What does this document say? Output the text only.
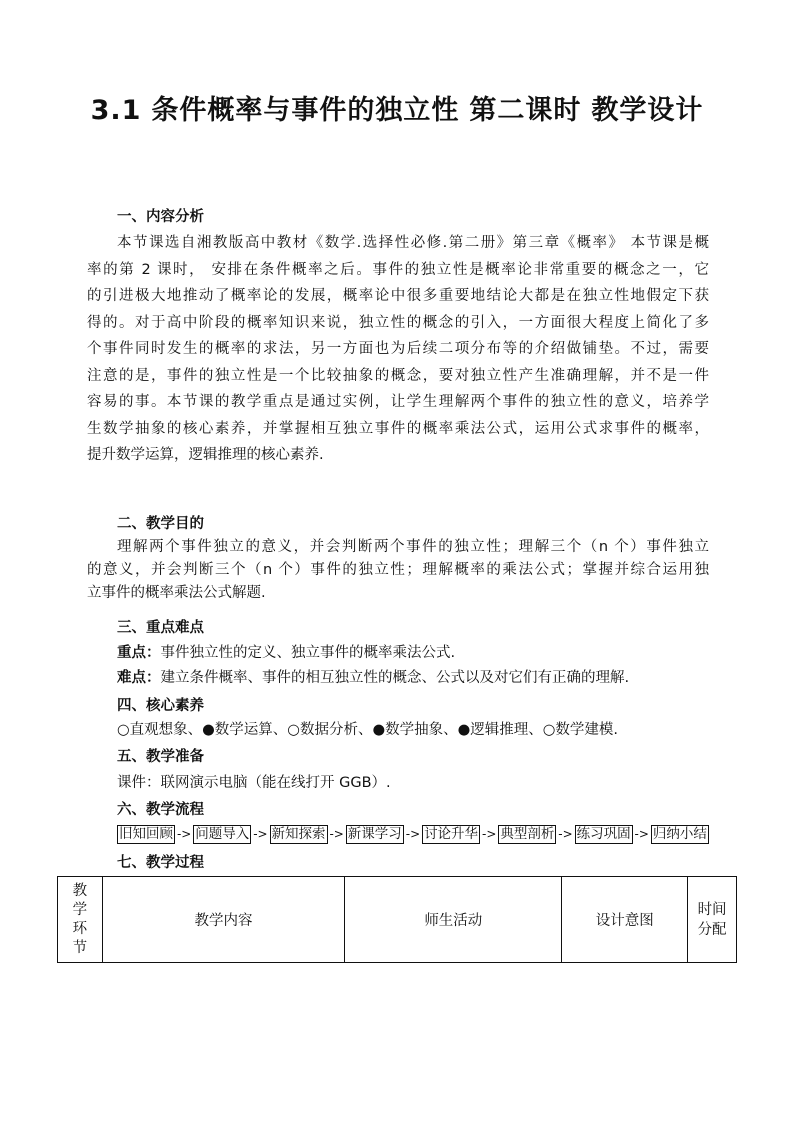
3.1 条件概率与事件的独立性 第二课时 教学设计
一、内容分析
本节课选自湘教版高中教材《数学.选择性必修.第二册》第三章《概率》 本节课是概
率的第 2 课时， 安排在条件概率之后。事件的独立性是概率论非常重要的概念之一，它
的引进极大地推动了概率论的发展，概率论中很多重要地结论大都是在独立性地假定下获
得的。对于高中阶段的概率知识来说，独立性的概念的引入，一方面很大程度上简化了多
个事件同时发生的概率的求法，另一方面也为后续二项分布等的介绍做铺垫。不过，需要
注意的是，事件的独立性是一个比较抽象的概念，要对独立性产生准确理解，并不是一件
容易的事。本节课的教学重点是通过实例，让学生理解两个事件的独立性的意义，培养学
生数学抽象的核心素养，并掌握相互独立事件的概率乘法公式，运用公式求事件的概率，
提升数学运算，逻辑推理的核心素养.
二、教学目的
理解两个事件独立的意义，并会判断两个事件的独立性；理解三个（n 个）事件独立
的意义，并会判断三个（n 个）事件的独立性；理解概率的乘法公式；掌握并综合运用独
立事件的概率乘法公式解题.
三、重点难点
重点：事件独立性的定义、独立事件的概率乘法公式.
难点：建立条件概率、事件的相互独立性的概念、公式以及对它们有正确的理解.
四、核心素养
○直观想象、●数学运算、○数据分析、●数学抽象、●逻辑推理、○数学建模.
五、教学准备
课件：联网演示电脑（能在线打开 GGB）.
六、教学流程
旧知回顾 -> 问题导入 -> 新知探索 -> 新课学习 -> 讨论升华 -> 典型剖析 -> 练习巩固 -> 归纳小结
七、教学过程
教学环节	教学内容	师生活动	设计意图	时间分配
